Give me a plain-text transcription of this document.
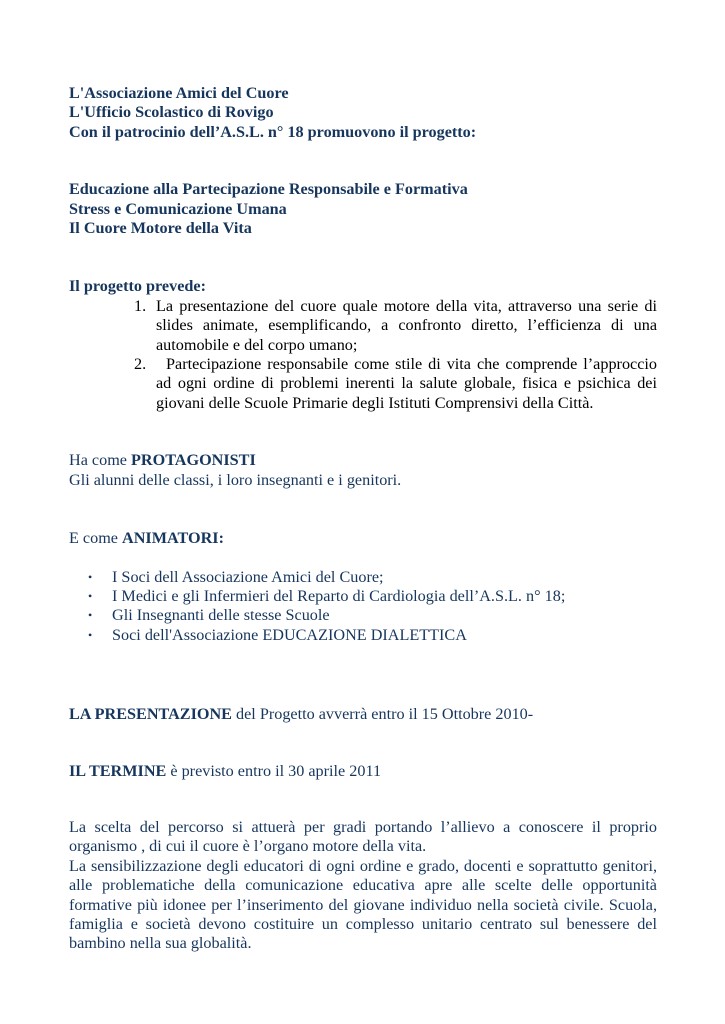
L'Associazione Amici del Cuore

L'Ufficio Scolastico di Rovigo

Con il patrocinio dell’A.S.L. n° 18 promuovono il progetto:

Educazione alla Partecipazione Responsabile e Formativa

Stress e Comunicazione Umana

Il Cuore Motore della Vita

Il progetto prevede:

1. La presentazione del cuore quale motore della vita, attraverso una serie di slides animate, esemplificando, a confronto diretto, l’efficienza di una automobile e del corpo umano;
2. Partecipazione responsabile come stile di vita che comprende l’approccio ad ogni ordine di problemi inerenti la salute globale, fisica e psichica dei giovani delle Scuole Primarie degli Istituti Comprensivi della Città.

Ha come PROTAGONISTI

Gli alunni delle classi, i loro insegnanti e i genitori.

E come ANIMATORI:

• I Soci dell Associazione Amici del Cuore;
• I Medici e gli Infermieri del Reparto di Cardiologia dell’A.S.L. n° 18;
• Gli Insegnanti delle stesse Scuole
• Soci dell'Associazione EDUCAZIONE DIALETTICA

LA PRESENTAZIONE del Progetto avverrà entro il 15 Ottobre 2010-

IL TERMINE è previsto entro il 30 aprile 2011

La scelta del percorso si attuerà per gradi portando l’allievo a conoscere il proprio organismo , di cui il cuore è l’organo motore della vita.

La sensibilizzazione degli educatori di ogni ordine e grado, docenti e soprattutto genitori, alle problematiche della comunicazione educativa apre alle scelte delle opportunità formative più idonee per l’inserimento del giovane individuo nella società civile. Scuola, famiglia e società devono costituire un complesso unitario centrato sul benessere del bambino nella sua globalità.
